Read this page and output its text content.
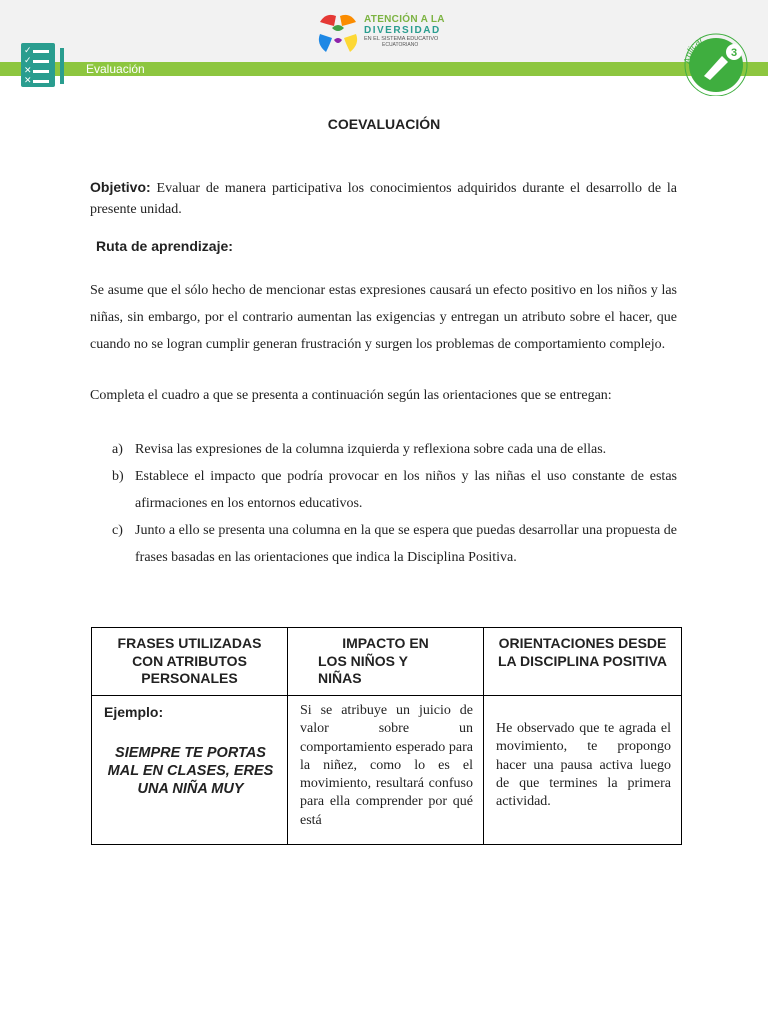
Evaluación
✓
✓
✕
✕
ATENCIÓN A LA
DIVERSIDAD
EN EL SISTEMA EDUCATIVO
ECUATORIANO
Aplicar
3
COEVALUACIÓN
Objetivo: Evaluar de manera participativa los conocimientos adquiridos durante el desarrollo de la presente unidad.
Ruta de aprendizaje:
Se asume que el sólo hecho de mencionar estas expresiones causará un efecto positivo en los niños y las niñas, sin embargo, por el contrario aumentan las exigencias y entregan un atributo sobre el hacer, que cuando no se logran cumplir generan frustración y surgen los problemas de comportamiento complejo.
Completa el cuadro a que se presenta a continuación según las orientaciones que se entregan:
a) Revisa las expresiones de la columna izquierda y reflexiona sobre cada una de ellas.
b) Establece el impacto que podría provocar en los niños y las niñas el uso constante de estas afirmaciones en los entornos educativos.
c) Junto a ello se presenta una columna en la que se espera que puedas desarrollar una propuesta de frases basadas en las orientaciones que indica la Disciplina Positiva.
FRASES UTILIZADAS CON ATRIBUTOS PERSONALES	IMPACTO EN
LOS NIÑOS Y
NIÑAS	ORIENTACIONES DESDE LA DISCIPLINA POSITIVA

Ejemplo:
SIEMPRE TE PORTAS MAL EN CLASES, ERES UNA NIÑA MUY	Si se atribuye un juicio de valor sobre un comportamiento esperado para la niñez, como lo es el movimiento, resultará confuso para ella comprender por qué está	He observado que te agrada el movimiento, te propongo hacer una pausa activa luego de que termines la primera actividad.
